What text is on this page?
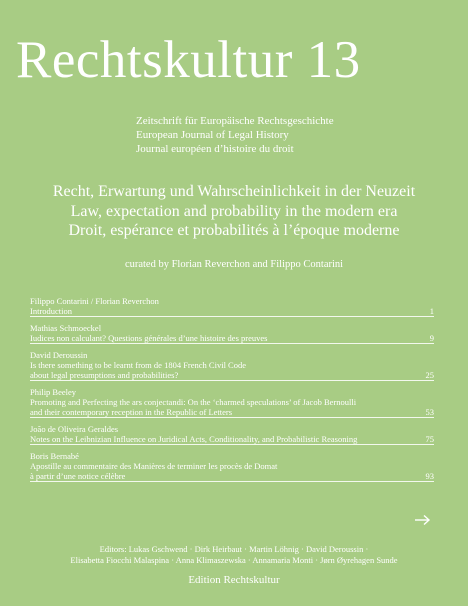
Rechtskultur 13
Zeitschrift für Europäische Rechtsgeschichte
European Journal of Legal History
Journal européen d’histoire du droit
Recht, Erwartung und Wahrscheinlichkeit in der Neuzeit
Law, expectation and probability in the modern era
Droit, espérance et probabilités à l’époque moderne
curated by Florian Reverchon and Filippo Contarini
Filippo Contarini / Florian Reverchon
Introduction	1
Mathias Schmoeckel
Iudices non calculant? Questions générales d’une histoire des preuves	9
David Deroussin
Is there something to be learnt from de 1804 French Civil Code
about legal presumptions and probabilities?	25
Philip Beeley
Promoting and Perfecting the ars conjectandi: On the ‘charmed speculations’ of Jacob Bernoulli
and their contemporary reception in the Republic of Letters	53
João de Oliveira Geraldes
Notes on the Leibnizian Influence on Juridical Acts, Conditionality, and Probabilistic Reasoning	75
Boris Bernabé
Apostille au commentaire des Manières de terminer les procès de Domat
à partir d’une notice célèbre	93
Editors: Lukas Gschwend · Dirk Heirbaut · Martin Löhnig · David Deroussin ·
Elisabetta Fiocchi Malaspina · Anna Klimaszewska · Annamaria Monti · Jørn Øyrehagen Sunde
Edition Rechtskultur
